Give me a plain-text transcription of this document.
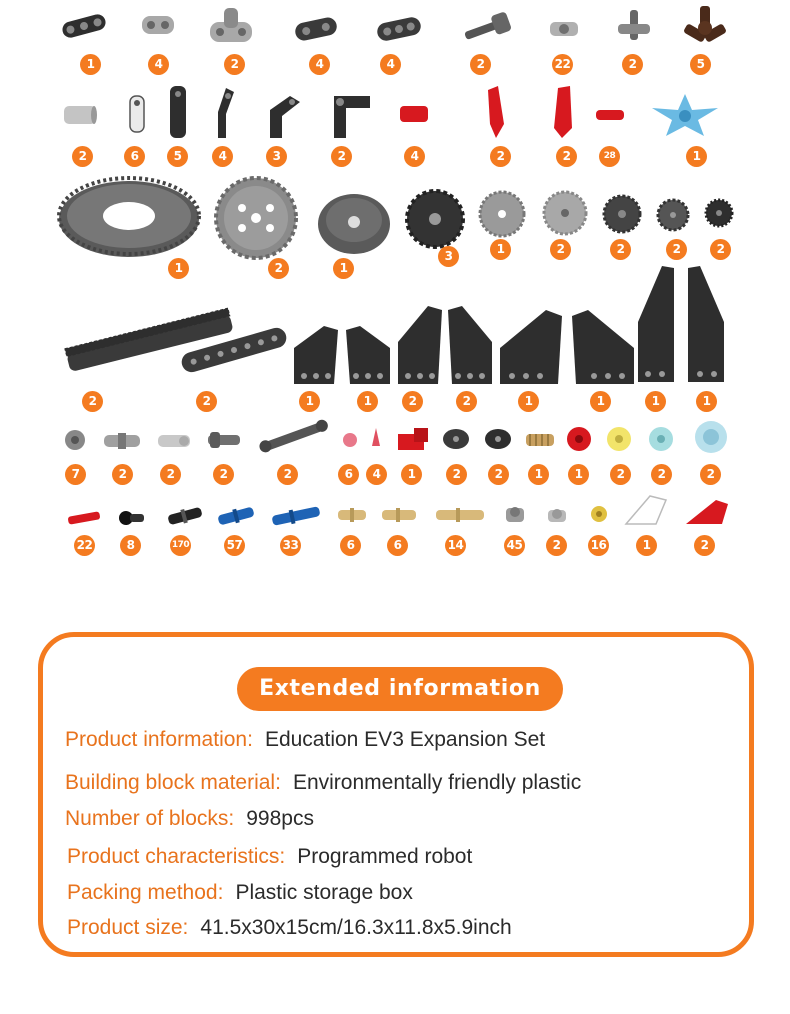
1	4	2	4	4	2	22	2	5
2	6	5	4	3	2	4	2	2	28	1
1	2	1
3	1	2	2	2	2
2	2	1	1	2	2	1	1	1	1
7	2	2	2	2	6	4	1	2	2	1	1	2	2	2
22	8	170	57	33	6	6	14	45	2	16	1	2
Extended information
Product information: Education EV3 Expansion Set
Building block material: Environmentally friendly plastic
Number of blocks: 998pcs
Product characteristics: Programmed robot
Packing method: Plastic storage box
Product size: 41.5x30x15cm/16.3x11.8x5.9inch
